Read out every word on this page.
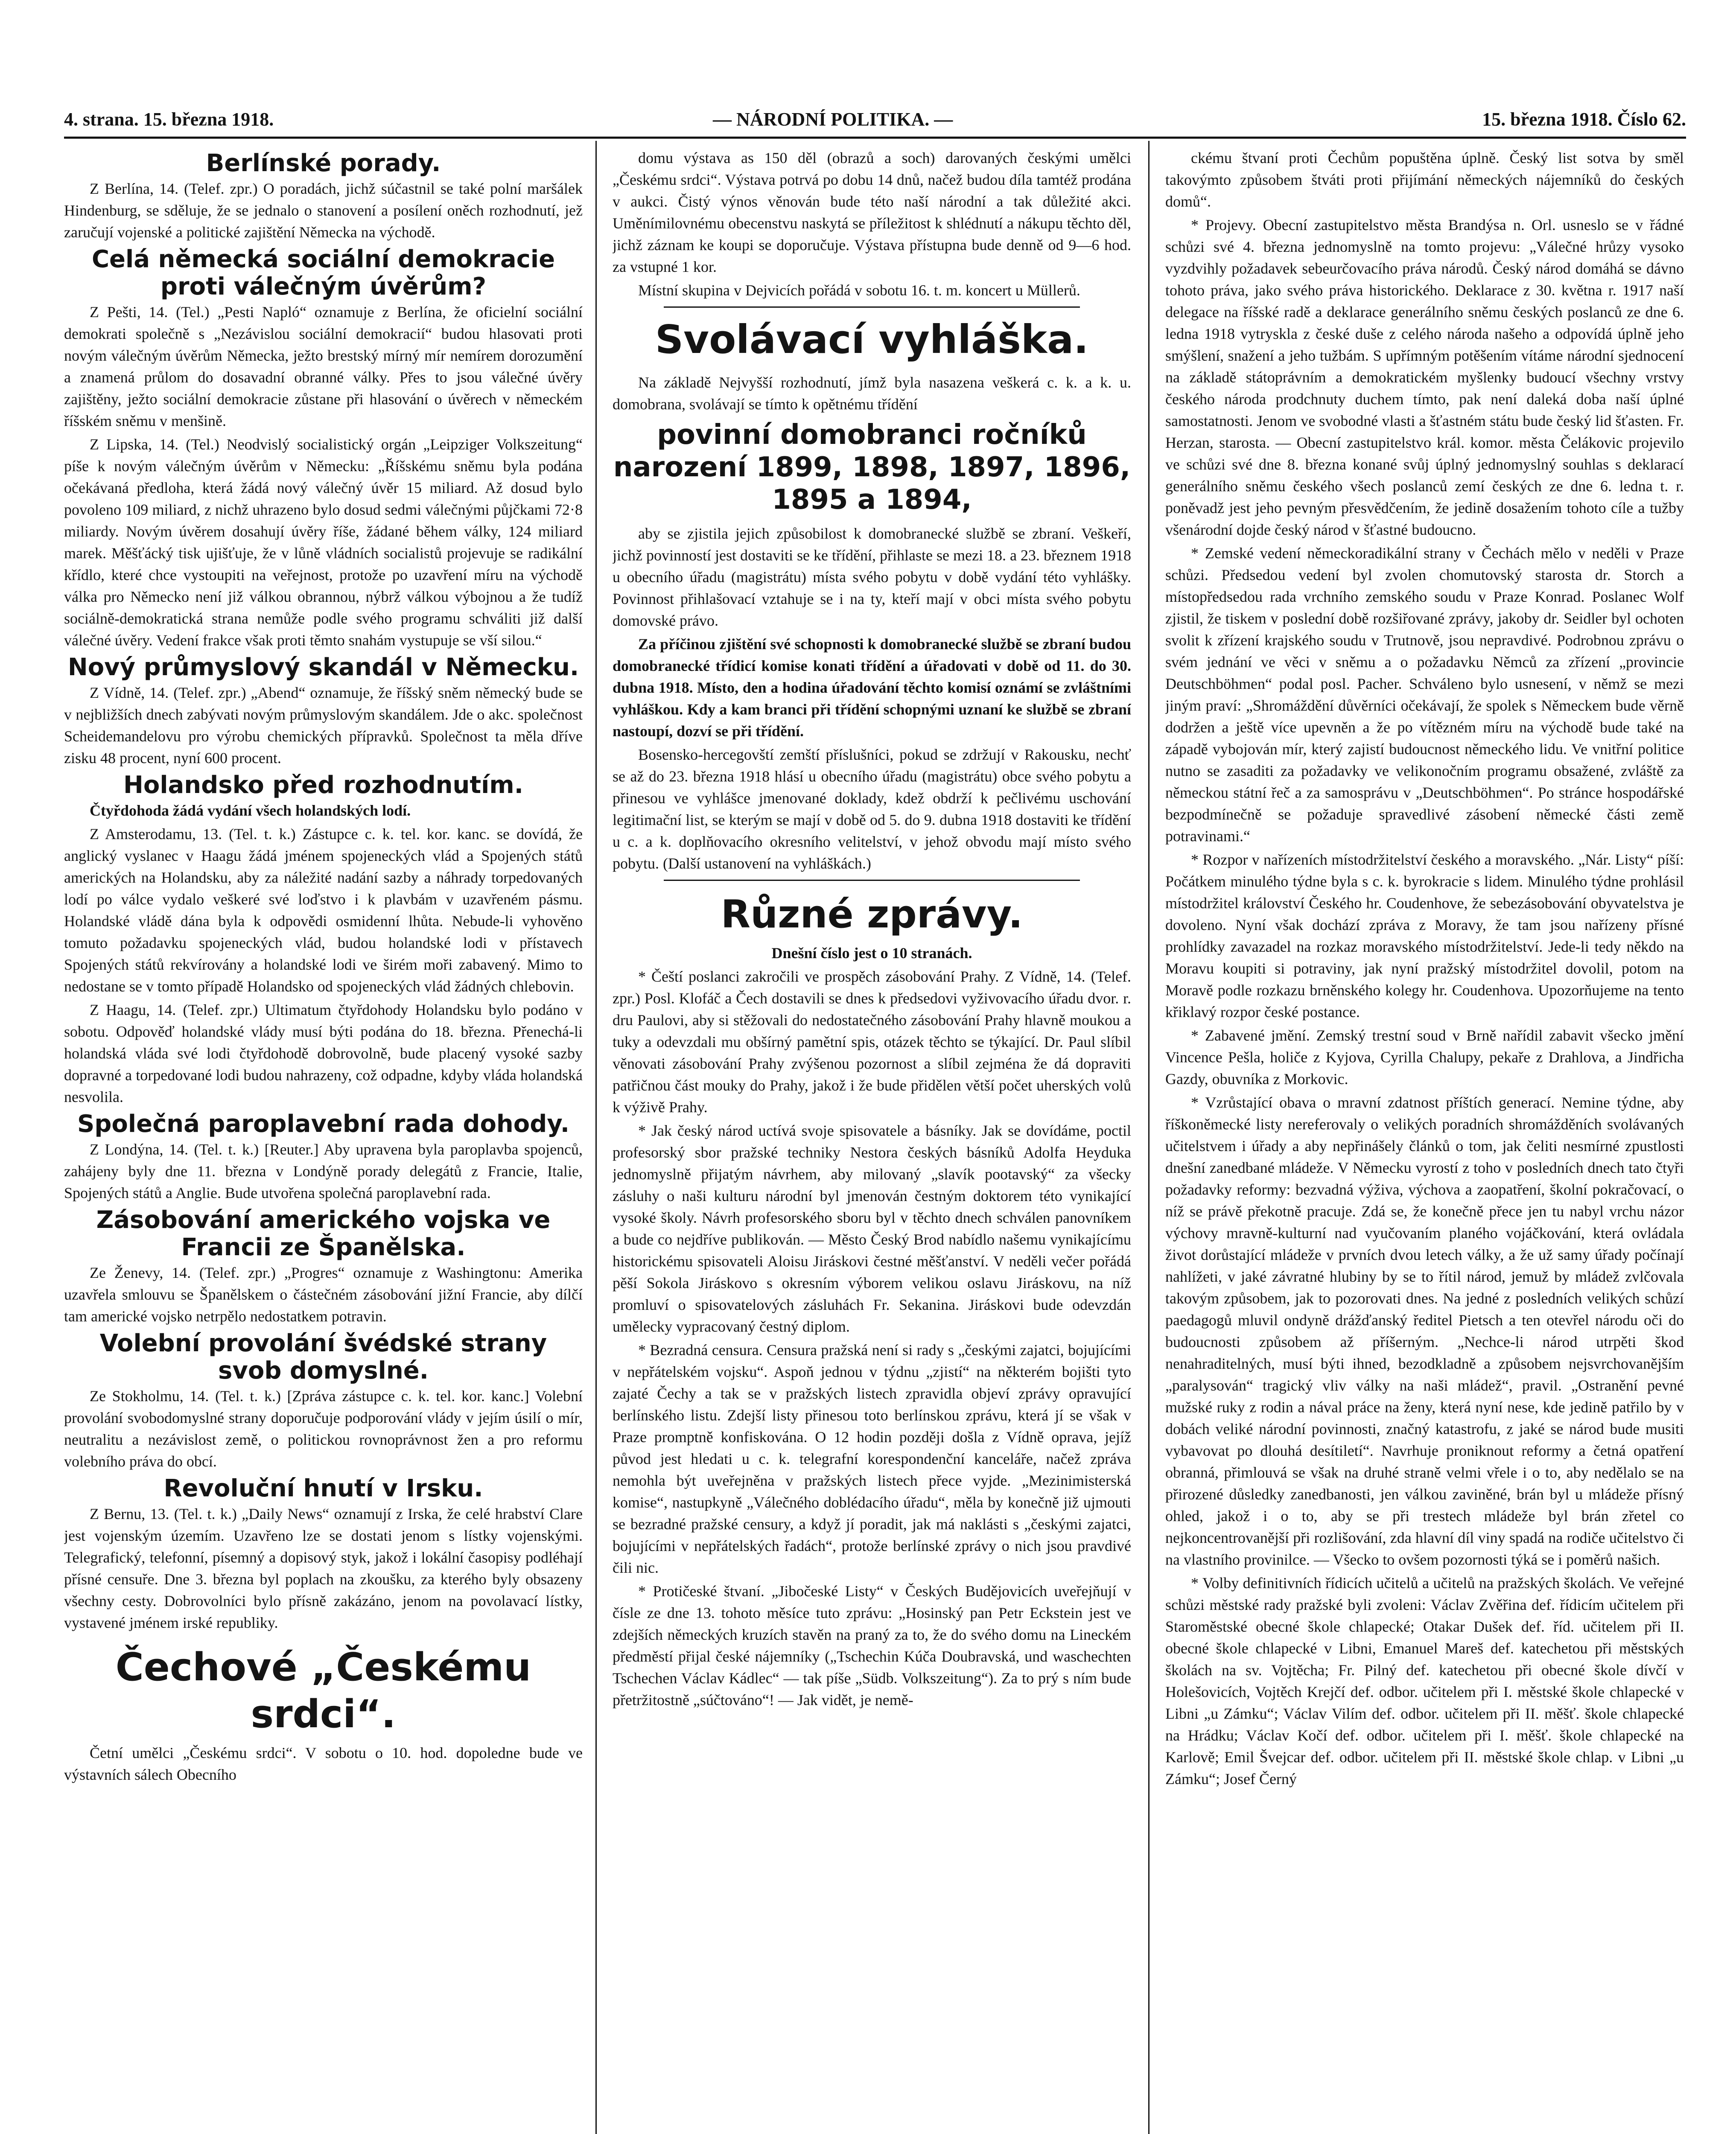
4. strana. 15. března 1918.	— NÁRODNÍ POLITIKA. —	15. března 1918. Číslo 62.
Berlínské porady.

Z Berlína, 14. (Telef. zpr.) O poradách, jichž súčastnil se také polní maršálek Hindenburg, se sděluje, že se jednalo o stanovení a posílení oněch rozhodnutí, jež zaručují vojenské a politické zajištění Německa na východě.

Celá německá sociální demokracie proti válečným úvěrům?

Z Pešti, 14. (Tel.) „Pesti Napló“ oznamuje z Berlína, že oficielní sociální demokrati společně s „Nezávislou sociální demokracií“ budou hlasovati proti novým válečným úvěrům Německa, ježto brestský mírný mír nemírem dorozumění a znamená průlom do dosavadní obranné války. Přes to jsou válečné úvěry zajištěny, ježto sociální demokracie zůstane při hlasování o úvěrech v německém říšském sněmu v menšině.

Z Lipska, 14. (Tel.) Neodvislý socialistický orgán „Leipziger Volkszeitung“ píše k novým válečným úvěrům v Německu: „Říšskému sněmu byla podána očekávaná předloha, která žádá nový válečný úvěr 15 miliard. Až dosud bylo povoleno 109 miliard, z nichž uhrazeno bylo dosud sedmi válečnými půjčkami 72·8 miliardy. Novým úvěrem dosahují úvěry říše, žádané během války, 124 miliard marek. Měšťácký tisk ujišťuje, že v lůně vládních socialistů projevuje se radikální křídlo, které chce vystoupiti na veřejnost, protože po uzavření míru na východě válka pro Německo není již válkou obrannou, nýbrž válkou výbojnou a že tudíž sociálně-demokratická strana nemůže podle svého programu schváliti již další válečné úvěry. Vedení frakce však proti těmto snahám vystupuje se vší silou.“

Nový průmyslový skandál v Německu.

Z Vídně, 14. (Telef. zpr.) „Abend“ oznamuje, že říšský sněm německý bude se v nejbližších dnech zabývati novým průmyslovým skandálem. Jde o akc. společnost Scheidemandelovu pro výrobu chemických přípravků. Společnost ta měla dříve zisku 48 procent, nyní 600 procent.

Holandsko před rozhodnutím.

Čtyřdohoda žádá vydání všech holandských lodí.

Z Amsterodamu, 13. (Tel. t. k.) Zástupce c. k. tel. kor. kanc. se dovídá, že anglický vyslanec v Haagu žádá jménem spojeneckých vlád a Spojených států amerických na Holandsku, aby za náležité nadání sazby a náhrady torpedovaných lodí po válce vydalo veškeré své loďstvo i k plavbám v uzavřeném pásmu. Holandské vládě dána byla k odpovědi osmidenní lhůta. Nebude-li vyhověno tomuto požadavku spojeneckých vlád, budou holandské lodi v přístavech Spojených států rekvírovány a holandské lodi ve širém moři zabavený. Mimo to nedostane se v tomto případě Holandsko od spojeneckých vlád žádných chlebovin.

Z Haagu, 14. (Telef. zpr.) Ultimatum čtyřdohody Holandsku bylo podáno v sobotu. Odpověď holandské vlády musí býti podána do 18. března. Přenechá-li holandská vláda své lodi čtyřdohodě dobrovolně, bude placený vysoké sazby dopravné a torpedované lodi budou nahrazeny, což odpadne, kdyby vláda holandská nesvolila.

Společná paroplavební rada dohody.

Z Londýna, 14. (Tel. t. k.) [Reuter.] Aby upravena byla paroplavba spojenců, zahájeny byly dne 11. března v Londýně porady delegátů z Francie, Italie, Spojených států a Anglie. Bude utvořena společná paroplavební rada.

Zásobování amerického vojska ve Francii ze Španělska.

Ze Ženevy, 14. (Telef. zpr.) „Progres“ oznamuje z Washingtonu: Amerika uzavřela smlouvu se Španělskem o částečném zásobování jižní Francie, aby dílčí tam americké vojsko netrpělo nedostatkem potravin.

Volební provolání švédské strany svob domyslné.

Ze Stokholmu, 14. (Tel. t. k.) [Zpráva zástupce c. k. tel. kor. kanc.] Volební provolání svobodomyslné strany doporučuje podporování vlády v jejím úsilí o mír, neutralitu a nezávislost země, o politickou rovnoprávnost žen a pro reformu volebního práva do obcí.

Revoluční hnutí v Irsku.

Z Bernu, 13. (Tel. t. k.) „Daily News“ oznamují z Irska, že celé hrabství Clare jest vojenským územím. Uzavřeno lze se dostati jenom s lístky vojenskými. Telegrafický, telefonní, písemný a dopisový styk, jakož i lokální časopisy podléhají přísné censuře. Dne 3. března byl poplach na zkoušku, za kterého byly obsazeny všechny cesty. Dobrovolníci bylo přísně zakázáno, jenom na povolavací lístky, vystavené jménem irské republiky.

Čechové „Českému srdci“.

Četní umělci „Českému srdci“. V sobotu o 10. hod. dopoledne bude ve výstavních sálech Obecního

domu výstava as 150 děl (obrazů a soch) darovaných českými umělci „Českému srdci“. Výstava potrvá po dobu 14 dnů, načež budou díla tamtéž prodána v aukci. Čistý výnos věnován bude této naší národní a tak důležité akci. Uměnímilovnému obecenstvu naskytá se příležitost k shlédnutí a nákupu těchto děl, jichž záznam ke koupi se doporučuje. Výstava přístupna bude denně od 9—6 hod. za vstupné 1 kor.

Místní skupina v Dejvicích pořádá v sobotu 16. t. m. koncert u Müllerů.

Svolávací vyhláška.

Na základě Nejvyšší rozhodnutí, jímž byla nasazena veškerá c. k. a k. u. domobrana, svolávají se tímto k opětnému třídění

povinní domobranci ročníků narození 1899, 1898, 1897, 1896, 1895 a 1894,

aby se zjistila jejich způsobilost k domobranecké službě se zbraní. Veškeří, jichž povinností jest dostaviti se ke třídění, přihlaste se mezi 18. a 23. březnem 1918 u obecního úřadu (magistrátu) místa svého pobytu v době vydání této vyhlášky. Povinnost přihlašovací vztahuje se i na ty, kteří mají v obci místa svého pobytu domovské právo.

Za příčinou zjištění své schopnosti k domobranecké službě se zbraní budou domobranecké třídicí komise konati třídění a úřadovati v době od 11. do 30. dubna 1918. Místo, den a hodina úřadování těchto komisí oznámí se zvláštními vyhláškou. Kdy a kam branci při třídění schopnými uznaní ke službě se zbraní nastoupí, dozví se při třídění.

Bosensko-hercegovští zemští příslušníci, pokud se zdržují v Rakousku, nechť se až do 23. března 1918 hlásí u obecního úřadu (magistrátu) obce svého pobytu a přinesou ve vyhlášce jmenované doklady, kdež obdrží k pečlivému uschování legitimační list, se kterým se mají v době od 5. do 9. dubna 1918 dostaviti ke třídění u c. a k. doplňovacího okresního velitelství, v jehož obvodu mají místo svého pobytu. (Další ustanovení na vyhláškách.)

Různé zprávy.

Dnešní číslo jest o 10 stranách.

* Čeští poslanci zakročili ve prospěch zásobování Prahy. Z Vídně, 14. (Telef. zpr.) Posl. Klofáč a Čech dostavili se dnes k předsedovi vyživovacího úřadu dvor. r. dru Paulovi, aby si stěžovali do nedostatečného zásobování Prahy hlavně moukou a tuky a odevzdali mu obšírný pamětní spis, otázek těchto se týkající. Dr. Paul slíbil věnovati zásobování Prahy zvýšenou pozornost a slíbil zejména že dá dopraviti patřičnou část mouky do Prahy, jakož i že bude přidělen větší počet uherských volů k výživě Prahy.

* Jak český národ uctívá svoje spisovatele a básníky. Jak se dovídáme, poctil profesorský sbor pražské techniky Nestora českých básníků Adolfa Heyduka jednomyslně přijatým návrhem, aby milovaný „slavík pootavský“ za všecky zásluhy o naši kulturu národní byl jmenován čestným doktorem této vynikající vysoké školy. Návrh profesorského sboru byl v těchto dnech schválen panovníkem a bude co nejdříve publikován. — Město Český Brod nabídlo našemu vynikajícímu historickému spisovateli Aloisu Jiráskovi čestné měšťanství. V neděli večer pořádá pěší Sokola Jiráskovo s okresním výborem velikou oslavu Jiráskovu, na níž promluví o spisovatelových zásluhách Fr. Sekanina. Jiráskovi bude odevzdán umělecky vypracovaný čestný diplom.

* Bezradná censura. Censura pražská není si rady s „českými zajatci, bojujícími v nepřátelském vojsku“. Aspoň jednou v týdnu „zjistí“ na některém bojišti tyto zajaté Čechy a tak se v pražských listech zpravidla objeví zprávy opravující berlínského listu. Zdejší listy přinesou toto berlínskou zprávu, která jí se však v Praze promptně konfiskována. O 12 hodin později došla z Vídně oprava, jejíž původ jest hledati u c. k. telegrafní korespondenční kanceláře, načež zpráva nemohla být uveřejněna v pražských listech přece vyjde. „Mezinimisterská komise“, nastupkyně „Válečného doblédacího úřadu“, měla by konečně již ujmouti se bezradné pražské censury, a když jí poradit, jak má naklásti s „českými zajatci, bojujícími v nepřátelských řadách“, protože berlínské zprávy o nich jsou pravdivé čili nic.

* Protičeské štvaní. „Jibočeské Listy“ v Českých Budějovicích uveřejňují v čísle ze dne 13. tohoto měsíce tuto zprávu: „Hosinský pan Petr Eckstein jest ve zdejších německých kruzích stavěn na praný za to, že do svého domu na Lineckém předměstí přijal české nájemníky („Tschechin Kúča Doubravská, und waschechten Tschechen Václav Kádlec“ — tak píše „Südb. Volkszeitung“). Za to prý s ním bude přetržitostně „súčtováno“! — Jak vidět, je nemě-

ckému štvaní proti Čechům popuštěna úplně. Český list sotva by směl takovýmto způsobem štváti proti přijímání německých nájemníků do českých domů“.

* Projevy. Obecní zastupitelstvo města Brandýsa n. Orl. usneslo se v řádné schůzi své 4. března jednomyslně na tomto projevu: „Válečné hrůzy vysoko vyzdvihly požadavek sebeurčovacího práva národů. Český národ domáhá se dávno tohoto práva, jako svého práva historického. Deklarace z 30. května r. 1917 naší delegace na říšské radě a deklarace generálního sněmu českých poslanců ze dne 6. ledna 1918 vytryskla z české duše z celého národa našeho a odpovídá úplně jeho smýšlení, snažení a jeho tužbám. S upřímným potěšením vítáme národní sjednocení na základě státoprávním a demokratickém myšlenky budoucí všechny vrstvy českého národa prodchnuty duchem tímto, pak není daleká doba naší úplné samostatnosti. Jenom ve svobodné vlasti a šťastném státu bude český lid šťasten. Fr. Herzan, starosta. — Obecní zastupitelstvo král. komor. města Čelákovic projevilo ve schůzi své dne 8. března konané svůj úplný jednomyslný souhlas s deklarací generálního sněmu českého všech poslanců zemí českých ze dne 6. ledna t. r. poněvadž jest jeho pevným přesvědčením, že jedině dosažením tohoto cíle a tužby všenárodní dojde český národ v šťastné budoucno.

* Zemské vedení německoradikální strany v Čechách mělo v neděli v Praze schůzi. Předsedou vedení byl zvolen chomutovský starosta dr. Storch a místopředsedou rada vrchního zemského soudu v Praze Konrad. Poslanec Wolf zjistil, že tiskem v poslední době rozšiřované zprávy, jakoby dr. Seidler byl ochoten svolit k zřízení krajského soudu v Trutnově, jsou nepravdivé. Podrobnou zprávu o svém jednání ve věci v sněmu a o požadavku Němců za zřízení „provincie Deutschböhmen“ podal posl. Pacher. Schváleno bylo usnesení, v němž se mezi jiným praví: „Shromáždění důvěrníci očekávají, že spolek s Německem bude věrně dodržen a ještě více upevněn a že po vítězném míru na východě bude také na západě vybojován mír, který zajistí budoucnost německého lidu. Ve vnitřní politice nutno se zasaditi za požadavky ve velikonočním programu obsažené, zvláště za německou státní řeč a za samosprávu v „Deutschböhmen“. Po stránce hospodářské bezpodmínečně se požaduje spravedlivé zásobení německé části země potravinami.“

* Rozpor v nařízeních místodržitelství českého a moravského. „Nár. Listy“ píší: Počátkem minulého týdne byla s c. k. byrokracie s lidem. Minulého týdne prohlásil místodržitel království Českého hr. Coudenhove, že sebezásobování obyvatelstva je dovoleno. Nyní však dochází zpráva z Moravy, že tam jsou nařízeny přísné prohlídky zavazadel na rozkaz moravského místodržitelství. Jede-li tedy někdo na Moravu koupiti si potraviny, jak nyní pražský místodržitel dovolil, potom na Moravě podle rozkazu brněnského kolegy hr. Coudenhova. Upozorňujeme na tento křiklavý rozpor české postance.

* Zabavené jmění. Zemský trestní soud v Brně nařídil zabavit všecko jmění Vincence Pešla, holiče z Kyjova, Cyrilla Chalupy, pekaře z Drahlova, a Jindřicha Gazdy, obuvníka z Morkovic.

* Vzrůstající obava o mravní zdatnost příštích generací. Nemine týdne, aby říškoněmecké listy nereferovaly o velikých poradních shromážděních svolávaných učitelstvem i úřady a aby nepřinášely článků o tom, jak čeliti nesmírné zpustlosti dnešní zanedbané mládeže. V Německu vyrostí z toho v posledních dnech tato čtyři požadavky reformy: bezvadná výživa, výchova a zaopatření, školní pokračovací, o níž se právě překotně pracuje. Zdá se, že konečně přece jen tu nabyl vrchu názor výchovy mravně-kulturní nad vyučovaním planého vojáčkování, která ovládala život dorůstající mládeže v prvních dvou letech války, a že už samy úřady počínají nahlížeti, v jaké závratné hlubiny by se to řítil národ, jemuž by mládež zvlčovala takovým způsobem, jak to pozorovati dnes. Na jedné z posledních velikých schůzí paedagogů mluvil ondyně drážďanský ředitel Pietsch a ten otevřel národu oči do budoucnosti způsobem až příšerným. „Nechce-li národ utrpěti škod nenahraditelných, musí býti ihned, bezodkladně a způsobem nejsvrchovanějším „paralysován“ tragický vliv války na naši mládež“, pravil. „Ostranění pevné mužské ruky z rodin a nával práce na ženy, která nyní nese, kde jedině patřilo by v dobách veliké národní povinnosti, značný katastrofu, z jaké se národ bude musiti vybavovat po dlouhá desítiletí“. Navrhuje proniknout reformy a četná opatření obranná, přimlouvá se však na druhé straně velmi vřele i o to, aby nedělalo se na přirozené důsledky zanedbanosti, jen válkou zaviněné, brán byl u mládeže přísný ohled, jakož i o to, aby se při trestech mládeže byl brán zřetel co nejkoncentrovanější při rozlišování, zda hlavní díl viny spadá na rodiče učitelstvo či na vlastního provinilce. — Všecko to ovšem pozornosti týká se i poměrů našich.

* Volby definitivních řídicích učitelů a učitelů na pražských školách. Ve veřejné schůzi městské rady pražské byli zvoleni: Václav Zvěřina def. řídicím učitelem při Staroměstské obecné škole chlapecké; Otakar Dušek def. říd. učitelem při II. obecné škole chlapecké v Libni, Emanuel Mareš def. katechetou při městských školách na sv. Vojtěcha; Fr. Pilný def. katechetou při obecné škole dívčí v Holešovicích, Vojtěch Krejčí def. odbor. učitelem při I. městské škole chlapecké v Libni „u Zámku“; Václav Vilím def. odbor. učitelem při II. měšť. škole chlapecké na Hrádku; Václav Kočí def. odbor. učitelem při I. měšť. škole chlapecké na Karlově; Emil Švejcar def. odbor. učitelem při II. městské škole chlap. v Libni „u Zámku“; Josef Černý
